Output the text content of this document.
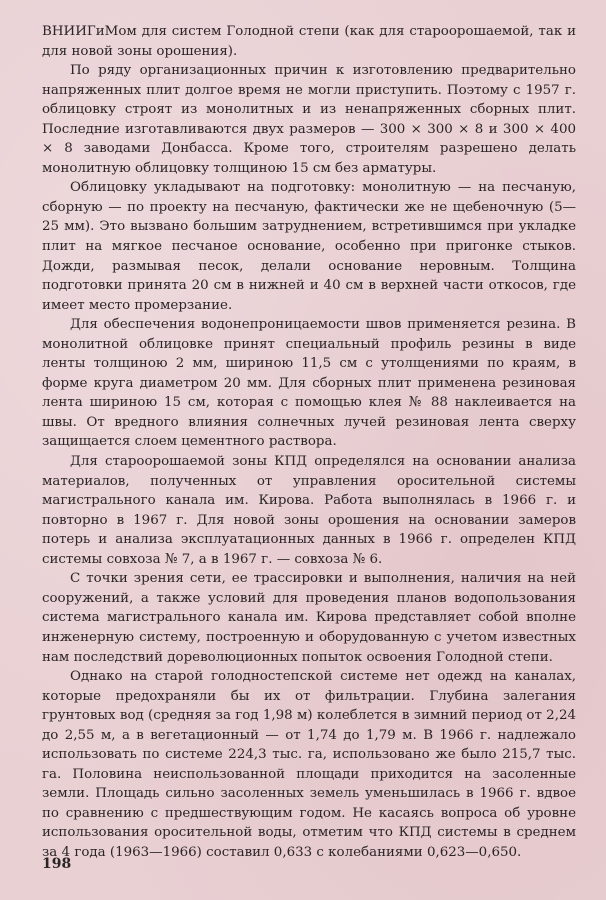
ВНИИГиМом для систем Голодной степи (как для староорошаемой, так и для новой зоны орошения).

По ряду организационных причин к изготовлению предварительно напряженных плит долгое время не могли приступить. Поэтому с 1957 г. облицовку строят из монолитных и из ненапряженных сборных плит. Последние изготавливаются двух размеров — 300 × 300 × 8 и 300 × 400 × 8 заводами Донбасса. Кроме того, строителям разрешено делать монолитную облицовку толщиною 15 см без арматуры.

Облицовку укладывают на подготовку: монолитную — на песчаную, сборную — по проекту на песчаную, фактически же не щебеночную (5—25 мм). Это вызвано большим затруднением, встретившимся при укладке плит на мягкое песчаное основание, особенно при пригонке стыков. Дожди, размывая песок, делали основание неровным. Толщина подготовки принята 20 см в нижней и 40 см в верхней части откосов, где имеет место промерзание.

Для обеспечения водонепроницаемости швов применяется резина. В монолитной облицовке принят специальный профиль резины в виде ленты толщиною 2 мм, шириною 11,5 см с утолщениями по краям, в форме круга диаметром 20 мм. Для сборных плит применена резиновая лента шириною 15 см, которая с помощью клея № 88 наклеивается на швы. От вредного влияния солнечных лучей резиновая лента сверху защищается слоем цементного раствора.

Для староорошаемой зоны КПД определялся на основании анализа материалов, полученных от управления оросительной системы магистрального канала им. Кирова. Работа выполнялась в 1966 г. и повторно в 1967 г. Для новой зоны орошения на основании замеров потерь и анализа эксплуатационных данных в 1966 г. определен КПД системы совхоза № 7, а в 1967 г. — совхоза № 6.

С точки зрения сети, ее трассировки и выполнения, наличия на ней сооружений, а также условий для проведения планов водопользования система магистрального канала им. Кирова представляет собой вполне инженерную систему, построенную и оборудованную с учетом известных нам последствий дореволюционных попыток освоения Голодной степи.

Однако на старой голодностепской системе нет одежд на каналах, которые предохраняли бы их от фильтрации. Глубина залегания грунтовых вод (средняя за год 1,98 м) колеблется в зимний период от 2,24 до 2,55 м, а в вегетационный — от 1,74 до 1,79 м. В 1966 г. надлежало использовать по системе 224,3 тыс. га, использовано же было 215,7 тыс. га. Половина неиспользованной площади приходится на засоленные земли. Площадь сильно засоленных земель уменьшилась в 1966 г. вдвое по сравнению с предшествующим годом. Не касаясь вопроса об уровне использования оросительной воды, отметим что КПД системы в среднем за 4 года (1963—1966) составил 0,633 с колебаниями 0,623—0,650.

198
